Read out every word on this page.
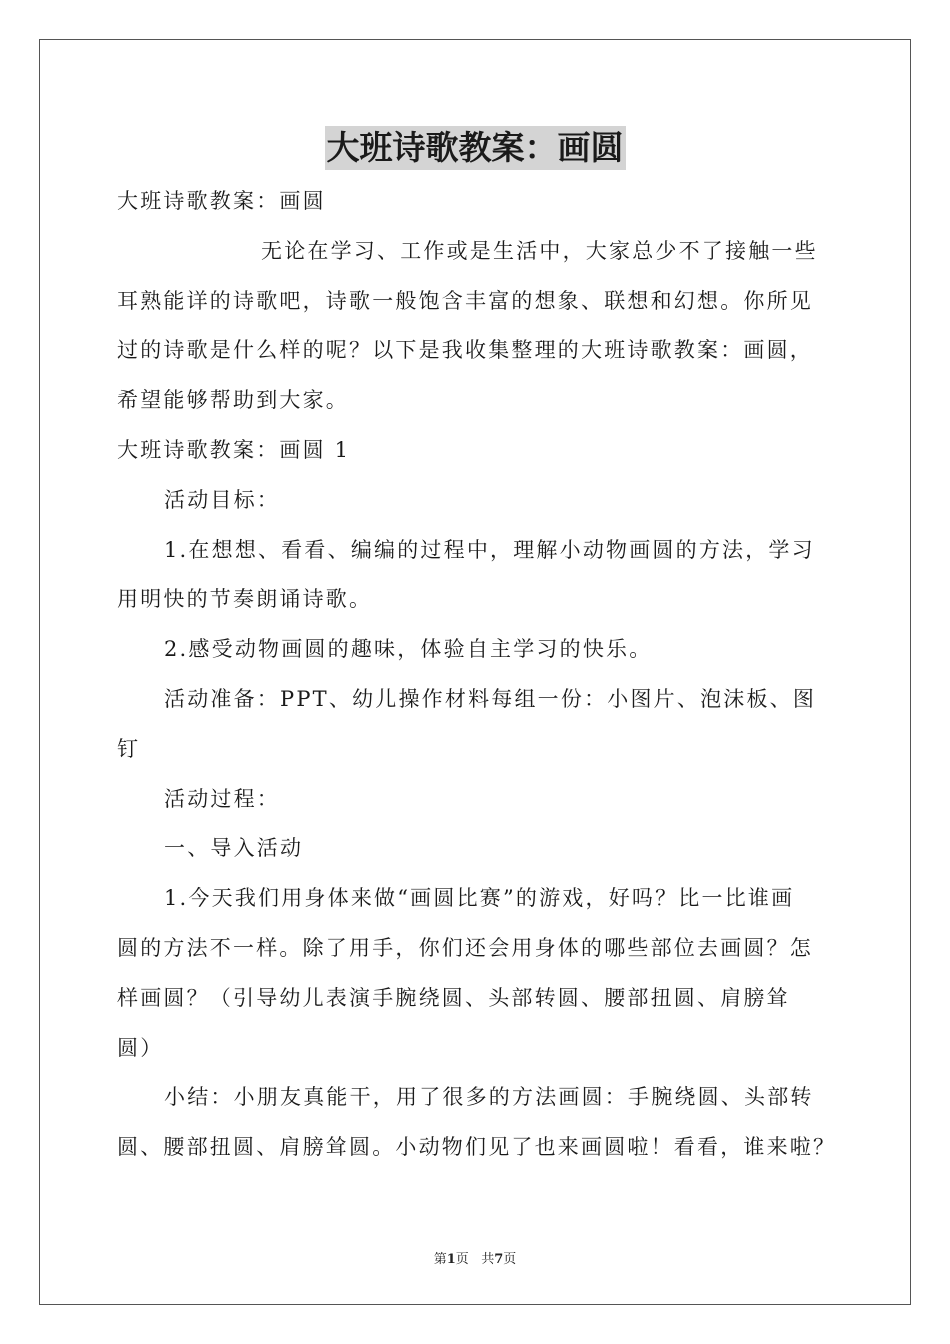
大班诗歌教案：画圆
大班诗歌教案：画圆
无论在学习、工作或是生活中，大家总少不了接触一些
耳熟能详的诗歌吧，诗歌一般饱含丰富的想象、联想和幻想。你所见
过的诗歌是什么样的呢？以下是我收集整理的大班诗歌教案：画圆，
希望能够帮助到大家。
大班诗歌教案：画圆 1
活动目标：
1.在想想、看看、编编的过程中，理解小动物画圆的方法，学习
用明快的节奏朗诵诗歌。
2.感受动物画圆的趣味，体验自主学习的快乐。
活动准备：PPT、幼儿操作材料每组一份：小图片、泡沫板、图
钉
活动过程：
一、导入活动
1.今天我们用身体来做“画圆比赛”的游戏，好吗？比一比谁画
圆的方法不一样。除了用手，你们还会用身体的哪些部位去画圆？怎
样画圆？（引导幼儿表演手腕绕圆、头部转圆、腰部扭圆、肩膀耸
圆）
小结：小朋友真能干，用了很多的方法画圆：手腕绕圆、头部转
圆、腰部扭圆、肩膀耸圆。小动物们见了也来画圆啦！看看，谁来啦？
第1页 共7页
